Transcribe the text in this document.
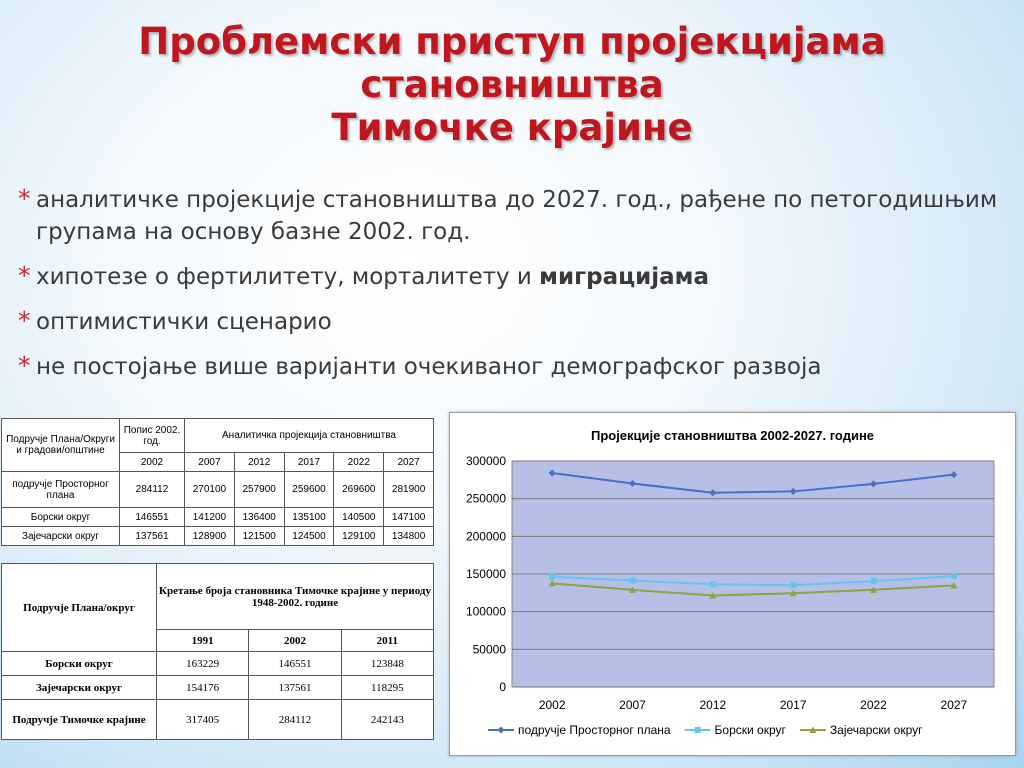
Проблемски приступ пројекцијама становништва
Тимочке крајине
* аналитичке пројекције становништва до 2027. год., рађене по петогодишњим групама на основу базне 2002. год.
* хипотезе о фертилитету, морталитету и миграцијама
* оптимистички сценарио
* не постојање више варијанти очекиваног демографског развоја
Подручје Плана/Округи и градови/општине	Попис 2002. год.	Аналитичка пројекција становништва				
	2002	2007	2012	2017	2022	2027
подручје Просторног плана	284112	270100	257900	259600	269600	281900
Борски округ	146551	141200	136400	135100	140500	147100
Зајечарски округ	137561	128900	121500	124500	129100	134800
Подручје Плана/округ	Кретање броја становника Тимочке крајине у периоду 1948-2002. године		
	1991	2002	2011
Борски округ	163229	146551	123848
Зајечарски округ	154176	137561	118295
Подручје Тимочке крајине	317405	284112	242143
Пројекције становништва 2002-2027. године
0
50000
100000
150000
200000
250000
300000
2002	2007	2012	2017	2022	2027
подручје Просторног плана	Борски округ	Зајечарски округ
